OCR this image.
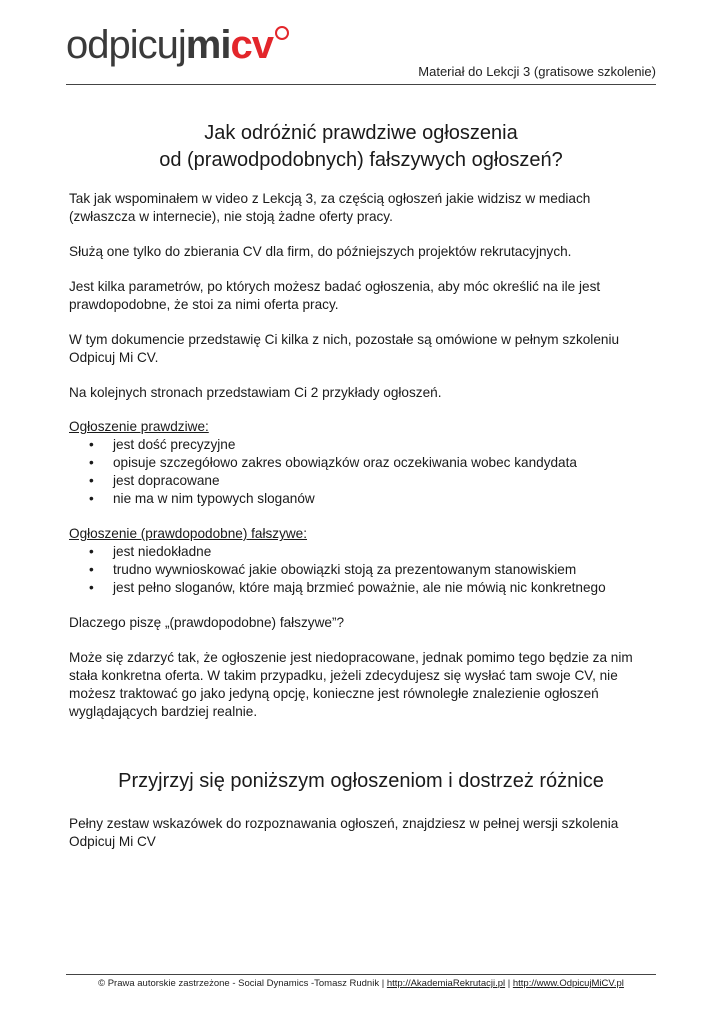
odpicujmicv
Materiał do Lekcji 3 (gratisowe szkolenie)
Jak odróżnić prawdziwe ogłoszenia
od (prawodpodobnych) fałszywych ogłoszeń?
Tak jak wspominałem w video z Lekcją 3, za częścią ogłoszeń jakie widzisz w mediach (zwłaszcza w internecie), nie stoją żadne oferty pracy.
Służą one tylko do zbierania CV dla firm, do późniejszych projektów rekrutacyjnych.
Jest kilka parametrów, po których możesz badać ogłoszenia, aby móc określić na ile jest prawdopodobne, że stoi za nimi oferta pracy.
W tym dokumencie przedstawię Ci kilka z nich, pozostałe są omówione w pełnym szkoleniu Odpicuj Mi CV.
Na kolejnych stronach przedstawiam Ci 2 przykłady ogłoszeń.
Ogłoszenie prawdziwe:
• jest dość precyzyjne
• opisuje szczegółowo zakres obowiązków oraz oczekiwania wobec kandydata
• jest dopracowane
• nie ma w nim typowych sloganów
Ogłoszenie (prawdopodobne) fałszywe:
• jest niedokładne
• trudno wywnioskować jakie obowiązki stoją za prezentowanym stanowiskiem
• jest pełno sloganów, które mają brzmieć poważnie, ale nie mówią nic konkretnego
Dlaczego piszę „(prawdopodobne) fałszywe”?
Może się zdarzyć tak, że ogłoszenie jest niedopracowane, jednak pomimo tego będzie za nim stała konkretna oferta. W takim przypadku, jeżeli zdecydujesz się wysłać tam swoje CV, nie możesz traktować go jako jedyną opcję, konieczne jest równoległe znalezienie ogłoszeń wyglądających bardziej realnie.
Przyjrzyj się poniższym ogłoszeniom i dostrzeż różnice
Pełny zestaw wskazówek do rozpoznawania ogłoszeń, znajdziesz w pełnej wersji szkolenia Odpicuj Mi CV
© Prawa autorskie zastrzeżone - Social Dynamics -Tomasz Rudnik | http://AkademiaRekrutacji.pl | http://www.OdpicujMiCV.pl
